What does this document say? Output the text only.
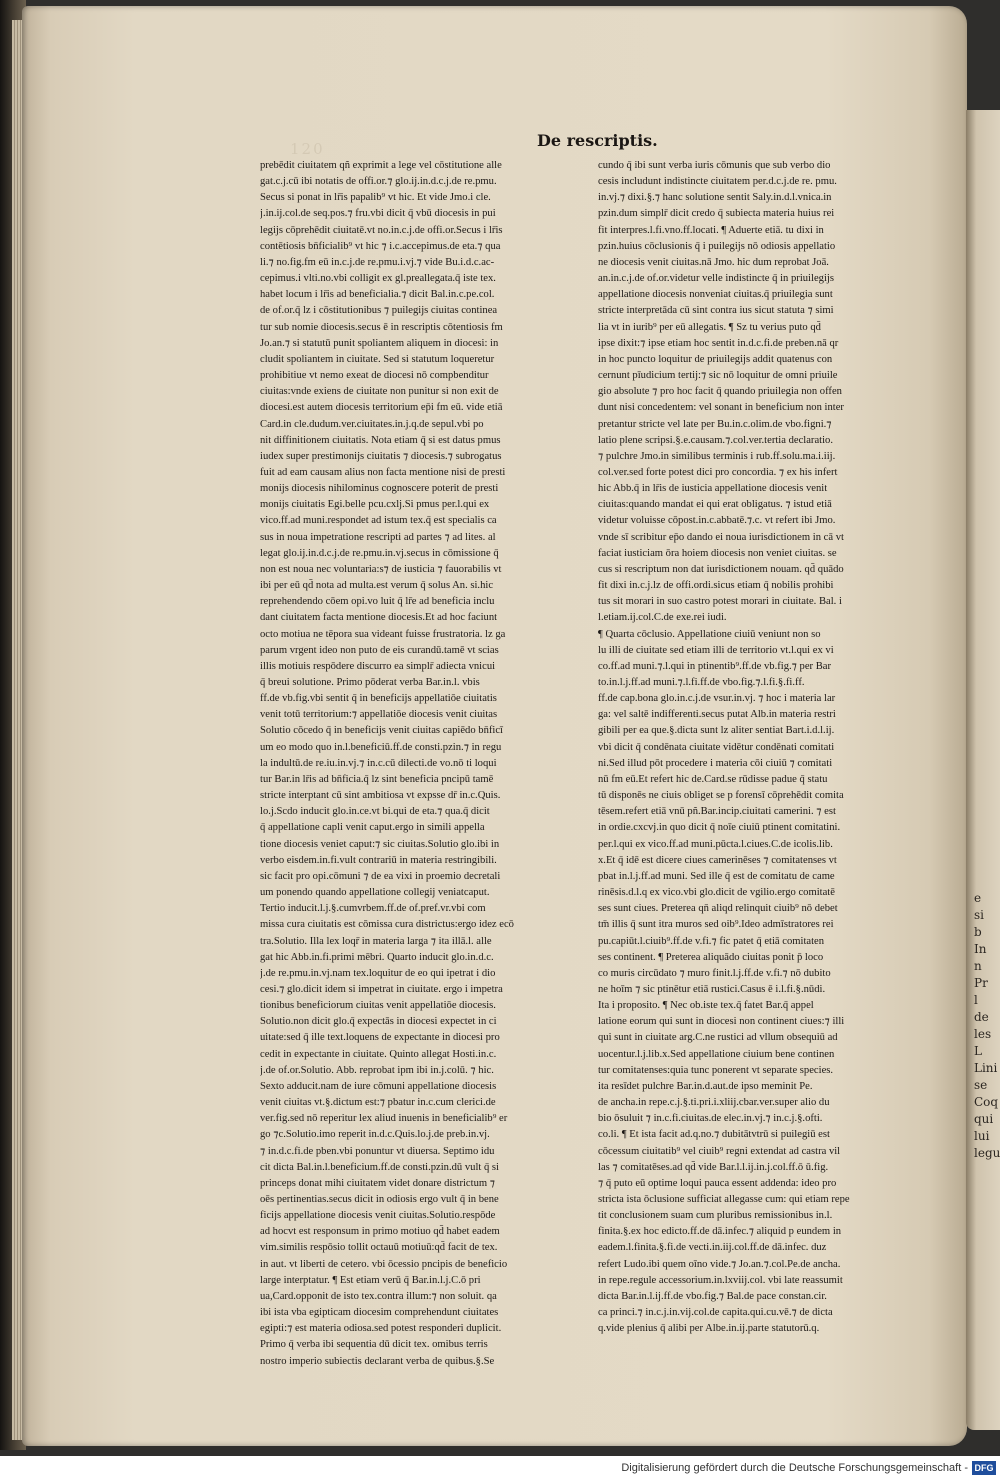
e
si
b
In
n
Pr
l
de
les
L
Lini
se
Coq
qui
lui
legu
120	De rescriptis.
prebēdit ciuitatem qñ exprimit a lege vel cōstitutione alle
gat.c.j.cū ibi notatis de offi.or.⁊ glo.ij.in.d.c.j.de re.pmu.
Secus si ponat in lr̄is papalib⁹ vt hic. Et vide Jmo.i cle.
j.in.ij.col.de seq.pos.⁊ fru.vbi dicit q̄ vbū diocesis in pui
legijs cōprehēdit ciuitatē.vt no.in.c.j.de offi.or.Secus i lr̄is
contētiosis bn̄ficialib⁹ vt hic ⁊ i.c.accepimus.de eta.⁊ qua
li.⁊ no.fig.fm eū in.c.j.de re.pmu.i.vj.⁊ vide Bu.i.d.c.ac-
cepimus.i vlti.no.vbi colligit ex gl.preallegata.q̄ iste tex.
habet locum i lr̄is ad beneficialia.⁊ dicit Bal.in.c.pe.col.
de of.or.q̄ lz i cōstitutionibus ⁊ puilegijs ciuitas continea
tur sub nomie diocesis.secus ē in rescriptis cōtentiosis fm
Jo.an.⁊ si statutū punit spoliantem aliquem in diocesi: in
cludit spoliantem in ciuitate. Sed si statutum loqueretur
prohibitiue vt nemo exeat de diocesi nō compbenditur
ciuitas:vnde exiens de ciuitate non punitur si non exit de
diocesi.est autem diocesis territorium ep̄i fm eū. vide etiā
Card.in cle.dudum.ver.ciuitates.in.j.q.de sepul.vbi po
nit diffinitionem ciuitatis. Nota etiam q̄ si est datus pmus
iudex super prestimonijs ciuitatis ⁊ diocesis.⁊ subrogatus
fuit ad eam causam alius non facta mentione nisi de presti
monijs diocesis nihilominus cognoscere poterit de presti
monijs ciuitatis Egi.belle pcu.cxlj.Si pmus per.l.qui ex
vico.ff.ad muni.respondet ad istum tex.q̄ est specialis ca
sus in noua impetratione rescripti ad partes ⁊ ad lites. al
legat glo.ij.in.d.c.j.de re.pmu.in.vj.secus in cōmissione q̄
non est noua nec voluntaria:s⁊ de iusticia ⁊ fauorabilis vt
ibi per eū qd̄ nota ad multa.est verum q̄ solus An. si.hic
reprehendendo cōem opi.vo luit q̄ lr̄e ad beneficia inclu
dant ciuitatem facta mentione diocesis.Et ad hoc faciunt
octo motiua ne tēpora sua videant fuisse frustratoria. lz ga
parum vrgent ideo non puto de eis curandū.tamē vt scias
illis motiuis respōdere discurro ea simplr̄ adiecta vnicui
q̄ breui solutione. Primo pōderat verba Bar.in.l. vbis
ff.de vb.fig.vbi sentit q̄ in beneficijs appellatiōe ciuitatis
venit totū territorium:⁊ appellatiōe diocesis venit ciuitas
Solutio cōcedo q̄ in beneficijs venit ciuitas capiēdo bn̄ficī
um eo modo quo in.l.beneficiū.ff.de consti.pzin.⁊ in regu
la indultū.de re.iu.in.vj.⁊ in.c.cū dilecti.de vo.nō ti loqui
tur Bar.in lr̄is ad bn̄ficia.q̄ lz sint beneficia pncipū tamē
stricte interptant cū sint ambitiosa vt expsse dr̄ in.c.Quis.
lo.j.Scdo inducit glo.in.ce.vt bi.qui de eta.⁊ qua.q̄ dicit
q̄ appellatione capli venit caput.ergo in simili appella
tione diocesis veniet caput:⁊ sic ciuitas.Solutio glo.ibi in
verbo eisdem.in.fi.vult contrariū in materia restringibili.
sic facit pro opi.cōmuni ⁊ de ea vixi in proemio decretali
um ponendo quando appellatione collegij veniatcaput.
Tertio inducit.l.j.§.cumvrbem.ff.de of.pref.vr.vbi com
missa cura ciuitatis est cōmissa cura districtus:ergo idez ecō
tra.Solutio. Illa lex loqr̄ in materia larga ⁊ ita illā.l. alle
gat hic Abb.in.fi.primi mēbri. Quarto inducit glo.in.d.c.
j.de re.pmu.in.vj.nam tex.loquitur de eo qui ipetrat i dio
cesi.⁊ glo.dicit idem si impetrat in ciuitate. ergo i impetra
tionibus beneficiorum ciuitas venit appellatiōe diocesis.
Solutio.non dicit glo.q̄ expectās in diocesi expectet in ci
uitate:sed q̄ ille text.loquens de expectante in diocesi pro
cedit in expectante in ciuitate. Quinto allegat Hosti.in.c.
j.de of.or.Solutio. Abb. reprobat ipm ibi in.j.colū. ⁊ hic.
Sexto adducit.nam de iure cōmuni appellatione diocesis
venit ciuitas vt.§.dictum est:⁊ pbatur in.c.cum clerici.de
ver.fig.sed nō reperitur lex aliud inuenis in beneficialib⁹ er
go ⁊c.Solutio.imo reperit in.d.c.Quis.lo.j.de preb.in.vj.
⁊ in.d.c.fi.de pben.vbi ponuntur vt diuersa. Septimo idu
cit dicta Bal.in.l.beneficium.ff.de consti.pzin.dū vult q̄ si
princeps donat mihi ciuitatem videt donare districtum ⁊
oēs pertinentias.secus dicit in odiosis ergo vult q̄ in bene
ficijs appellatione diocesis venit ciuitas.Solutio.respōde
ad hocvt est responsum in primo motiuo qd̄ habet eadem
vim.similis respōsio tollit octauū motiuū:qd̄ facit de tex.
in aut. vt liberti de cetero. vbi ōcessio pncipis de beneficio
large interptatur. ¶ Est etiam verū q̄ Bar.in.l.j.C.ō pri
ua,Card.opponit de isto tex.contra illum:⁊ non soluit. qa
ibi ista vba egipticam diocesim comprehendunt ciuitates
egipti:⁊ est materia odiosa.sed potest responderi duplicit.
Primo q̄ verba ibi sequentia dū dicit tex. omibus terris
nostro imperio subiectis declarant verba de quibus.§.Se
cundo q̄ ibi sunt verba iuris cōmunis que sub verbo dio
cesis includunt indistincte ciuitatem per.d.c.j.de re. pmu.
in.vj.⁊ dixi.§.⁊ hanc solutione sentit Saly.in.d.l.vnica.in
pzin.dum simplr̄ dicit credo q̄ subiecta materia huius rei
fit interpres.l.fi.vno.ff.locati. ¶ Aduerte etiā. tu dixi in
pzin.huius cōclusionis q̄ i puilegijs nō odiosis appellatio
ne diocesis venit ciuitas.nā Jmo. hic dum reprobat Joā.
an.in.c.j.de of.or.videtur velle indistincte q̄ in priuilegijs
appellatione diocesis nonveniat ciuitas.q̄ priuilegia sunt
stricte interpretāda cū sint contra ius sicut statuta ⁊ simi
lia vt in iurib⁹ per eū allegatis. ¶ Sz tu verius puto qd̄
ipse dixit:⁊ ipse etiam hoc sentit in.d.c.fi.de preben.nā qr
in hoc puncto loquitur de priuilegijs addit quatenus con
cernunt pīudicium tertij:⁊ sic nō loquitur de omni priuile
gio absolute ⁊ pro hoc facit q̄ quando priuilegia non offen
dunt nisi concedentem: vel sonant in beneficium non inter
pretantur stricte vel late per Bu.in.c.olim.de vbo.figni.⁊
latio plene scripsi.§.e.causam.⁊.col.ver.tertia declaratio.
⁊ pulchre Jmo.in similibus terminis i rub.ff.solu.ma.i.iij.
col.ver.sed forte potest dici pro concordia. ⁊ ex his infert
hic Abb.q̄ in lr̄is de iusticia appellatione diocesis venit
ciuitas:quando mandat ei qui erat obligatus. ⁊ istud etiā
videtur voluisse cōpost.in.c.abbatē.⁊.c. vt refert ibi Jmo.
vnde sī scribitur ep̄o dando ei noua iurisdictionem in cā vt
faciat iusticiam ōra hoiem diocesis non veniet ciuitas. se
cus si rescriptum non dat iurisdictionem nouam. qd̄ quādo
fit dixi in.c.j.lz de offi.ordi.sicus etiam q̄ nobilis prohibi
tus sit morari in suo castro potest morari in ciuitate. Bal. i
l.etiam.ij.col.C.de exe.rei iudi.
¶ Quarta cōclusio. Appellatione ciuiū veniunt non so
lu illi de ciuitate sed etiam illi de territorio vt.l.qui ex vi
co.ff.ad muni.⁊.l.qui in ptinentib⁹.ff.de vb.fig.⁊ per Bar
to.in.l.j.ff.ad muni.⁊.l.fi.ff.de vbo.fig.⁊.l.fi.§.fi.ff.
ff.de cap.bona glo.in.c.j.de vsur.in.vj. ⁊ hoc i materia lar
ga: vel saltē indifferenti.secus putat Alb.in materia restri
gibili per ea que.§.dicta sunt lz aliter sentiat Bart.i.d.l.ij.
vbi dicit q̄ condēnata ciuitate vidētur condēnati comitati
ni.Sed illud pōt procedere i materia cōi ciuiū ⁊ comitati
nū fm eū.Et refert hic de.Card.se rūdisse padue q̄ statu
tū disponēs ne ciuis obliget se p forensī cōprehēdit comita
tēsem.refert etiā vnū pñ.Bar.incip.ciuitati camerini. ⁊ est
in ordie.cxcvj.in quo dicit q̄ noīe ciuiū ptinent comitatini.
per.l.qui ex vico.ff.ad muni.pūcta.l.ciues.C.de icolis.lib.
x.Et q̄ idē est dicere ciues camerinēses ⁊ comitatenses vt
pbat in.l.j.ff.ad muni. Sed ille q̄ est de comitatu de came
rinēsis.d.l.q ex vico.vbi glo.dicit de vgilio.ergo comitatē
ses sunt ciues. Preterea qn̄ aliqd relinquit ciuib⁹ nō debet
tm̄ illis q̄ sunt itra muros sed oib⁹.Ideo admīstratores rei
pu.capiūt.l.ciuib⁹.ff.de v.fi.⁊ fic patet q̄ etiā comitaten
ses continent. ¶ Preterea aliquādo ciuitas ponit p̄ loco
co muris circūdato ⁊ muro finit.l.j.ff.de v.fi.⁊ nō dubito
ne hoīm ⁊ sic ptinētur etiā rustici.Casus ē i.l.fi.§.nūdi.
Ita i proposito. ¶ Nec ob.iste tex.q̄ fatet Bar.q̄ appel
latione eorum qui sunt in diocesi non continent ciues:⁊ illi
qui sunt in ciuitate arg.C.ne rustici ad vllum obsequiū ad
uocentur.l.j.lib.x.Sed appellatione ciuium bene continen
tur comitatenses:quia tunc ponerent vt separate species.
ita resīdet pulchre Bar.in.d.aut.de ipso meminit Pe.
de ancha.in repe.c.j.§.ti.pri.i.xliij.cbar.ver.super alio du
bio ōsuluit ⁊ in.c.fi.ciuitas.de elec.in.vj.⁊ in.c.j.§.ofti.
co.li. ¶ Et ista facit ad.q.no.⁊ dubitātvtrū si puilegiū est
cōcessum ciuitatib⁹ vel ciuib⁹ regni extendat ad castra vil
las ⁊ comitatēses.ad qd̄ vide Bar.l.l.ij.in.j.col.ff.ō ū.fig.
⁊ q̄ puto eū optime loqui pauca essent addenda: ideo pro
stricta ista ōclusione sufficiat allegasse cum: qui etiam repe
tit conclusionem suam cum pluribus remissionibus in.l.
finita.§.ex hoc edicto.ff.de dā.infec.⁊ aliquid p eundem in
eadem.l.finita.§.fi.de vecti.in.iij.col.ff.de dā.infec. duz
refert Ludo.ibi quem oīno vide.⁊ Jo.an.⁊.col.Pe.de ancha.
in repe.regule accessorium.in.lxviij.col. vbi late reassumit
dicta Bar.in.l.ij.ff.de vbo.fig.⁊ Bal.de pace constan.cir.
ca princi.⁊ in.c.j.in.vij.col.de capita.qui.cu.vē.⁊ de dicta
q.vide plenius q̄ alibi per Albe.in.ij.parte statutorū.q.
Digitalisierung gefördert durch die Deutsche Forschungsgemeinschaft - DFG
